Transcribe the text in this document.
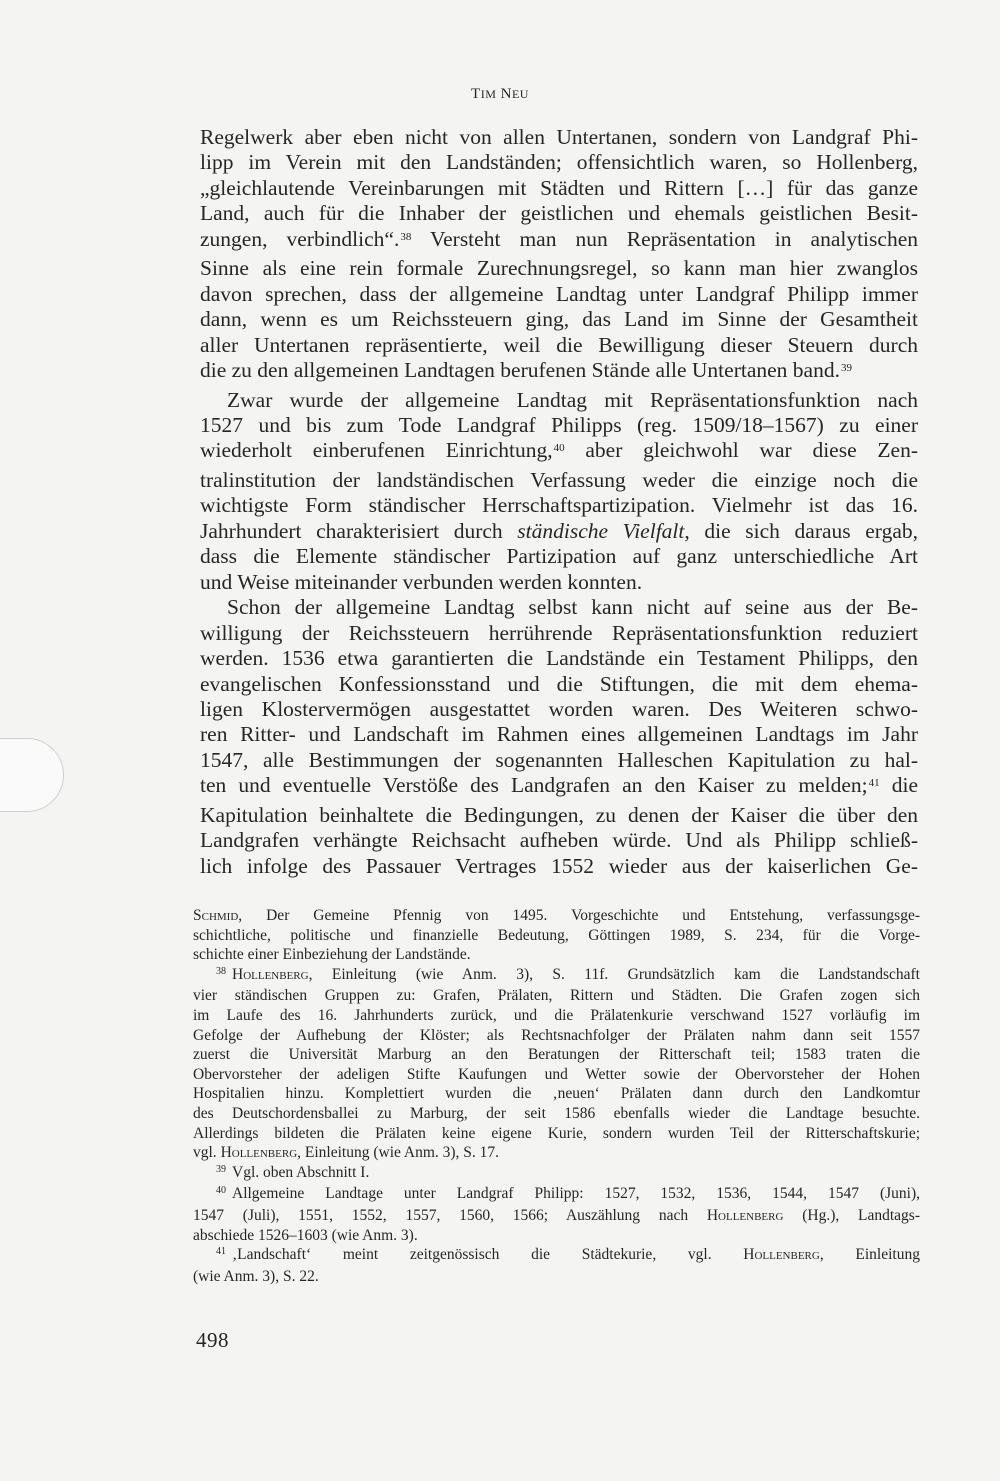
TIM NEU
Regelwerk aber eben nicht von allen Untertanen, sondern von Landgraf Phi-
lipp im Verein mit den Landständen; offensichtlich waren, so Hollenberg,
„gleichlautende Vereinbarungen mit Städten und Rittern […] für das ganze
Land, auch für die Inhaber der geistlichen und ehemals geistlichen Besit-
zungen, verbindlich“.$^{38}$ Versteht man nun Repräsentation in analytischen
Sinne als eine rein formale Zurechnungsregel, so kann man hier zwanglos
davon sprechen, dass der allgemeine Landtag unter Landgraf Philipp immer
dann, wenn es um Reichssteuern ging, das Land im Sinne der Gesamtheit
aller Untertanen repräsentierte, weil die Bewilligung dieser Steuern durch
die zu den allgemeinen Landtagen berufenen Stände alle Untertanen band.$^{39}$
Zwar wurde der allgemeine Landtag mit Repräsentationsfunktion nach
1527 und bis zum Tode Landgraf Philipps (reg. 1509/18–1567) zu einer
wiederholt einberufenen Einrichtung,$^{40}$ aber gleichwohl war diese Zen-
tralinstitution der landständischen Verfassung weder die einzige noch die
wichtigste Form ständischer Herrschaftspartizipation. Vielmehr ist das 16.
Jahrhundert charakterisiert durch ständische Vielfalt, die sich daraus ergab,
dass die Elemente ständischer Partizipation auf ganz unterschiedliche Art
und Weise miteinander verbunden werden konnten.
Schon der allgemeine Landtag selbst kann nicht auf seine aus der Be-
willigung der Reichssteuern herrührende Repräsentationsfunktion reduziert
werden. 1536 etwa garantierten die Landstände ein Testament Philipps, den
evangelischen Konfessionsstand und die Stiftungen, die mit dem ehema-
ligen Klostervermögen ausgestattet worden waren. Des Weiteren schwo-
ren Ritter- und Landschaft im Rahmen eines allgemeinen Landtags im Jahr
1547, alle Bestimmungen der sogenannten Halleschen Kapitulation zu hal-
ten und eventuelle Verstöße des Landgrafen an den Kaiser zu melden;$^{41}$ die
Kapitulation beinhaltete die Bedingungen, zu denen der Kaiser die über den
Landgrafen verhängte Reichsacht aufheben würde. Und als Philipp schließ-
lich infolge des Passauer Vertrages 1552 wieder aus der kaiserlichen Ge-
Schmid, Der Gemeine Pfennig von 1495. Vorgeschichte und Entstehung, verfassungsge-
schichtliche, politische und finanzielle Bedeutung, Göttingen 1989, S. 234, für die Vorge-
schichte einer Einbeziehung der Landstände.
$^{38}$ Hollenberg, Einleitung (wie Anm. 3), S. 11f. Grundsätzlich kam die Landstandschaft
vier ständischen Gruppen zu: Grafen, Prälaten, Rittern und Städten. Die Grafen zogen sich
im Laufe des 16. Jahrhunderts zurück, und die Prälatenkurie verschwand 1527 vorläufig im
Gefolge der Aufhebung der Klöster; als Rechtsnachfolger der Prälaten nahm dann seit 1557
zuerst die Universität Marburg an den Beratungen der Ritterschaft teil; 1583 traten die
Obervorsteher der adeligen Stifte Kaufungen und Wetter sowie der Obervorsteher der Hohen
Hospitalien hinzu. Komplettiert wurden die ‚neuen‘ Prälaten dann durch den Landkomtur
des Deutschordensballei zu Marburg, der seit 1586 ebenfalls wieder die Landtage besuchte.
Allerdings bildeten die Prälaten keine eigene Kurie, sondern wurden Teil der Ritterschaftskurie;
vgl. Hollenberg, Einleitung (wie Anm. 3), S. 17.
$^{39}$ Vgl. oben Abschnitt I.
$^{40}$ Allgemeine Landtage unter Landgraf Philipp: 1527, 1532, 1536, 1544, 1547 (Juni),
1547 (Juli), 1551, 1552, 1557, 1560, 1566; Auszählung nach Hollenberg (Hg.), Landtags-
abschiede 1526–1603 (wie Anm. 3).
$^{41}$ ‚Landschaft‘ meint zeitgenössisch die Städtekurie, vgl. Hollenberg, Einleitung
(wie Anm. 3), S. 22.
498
